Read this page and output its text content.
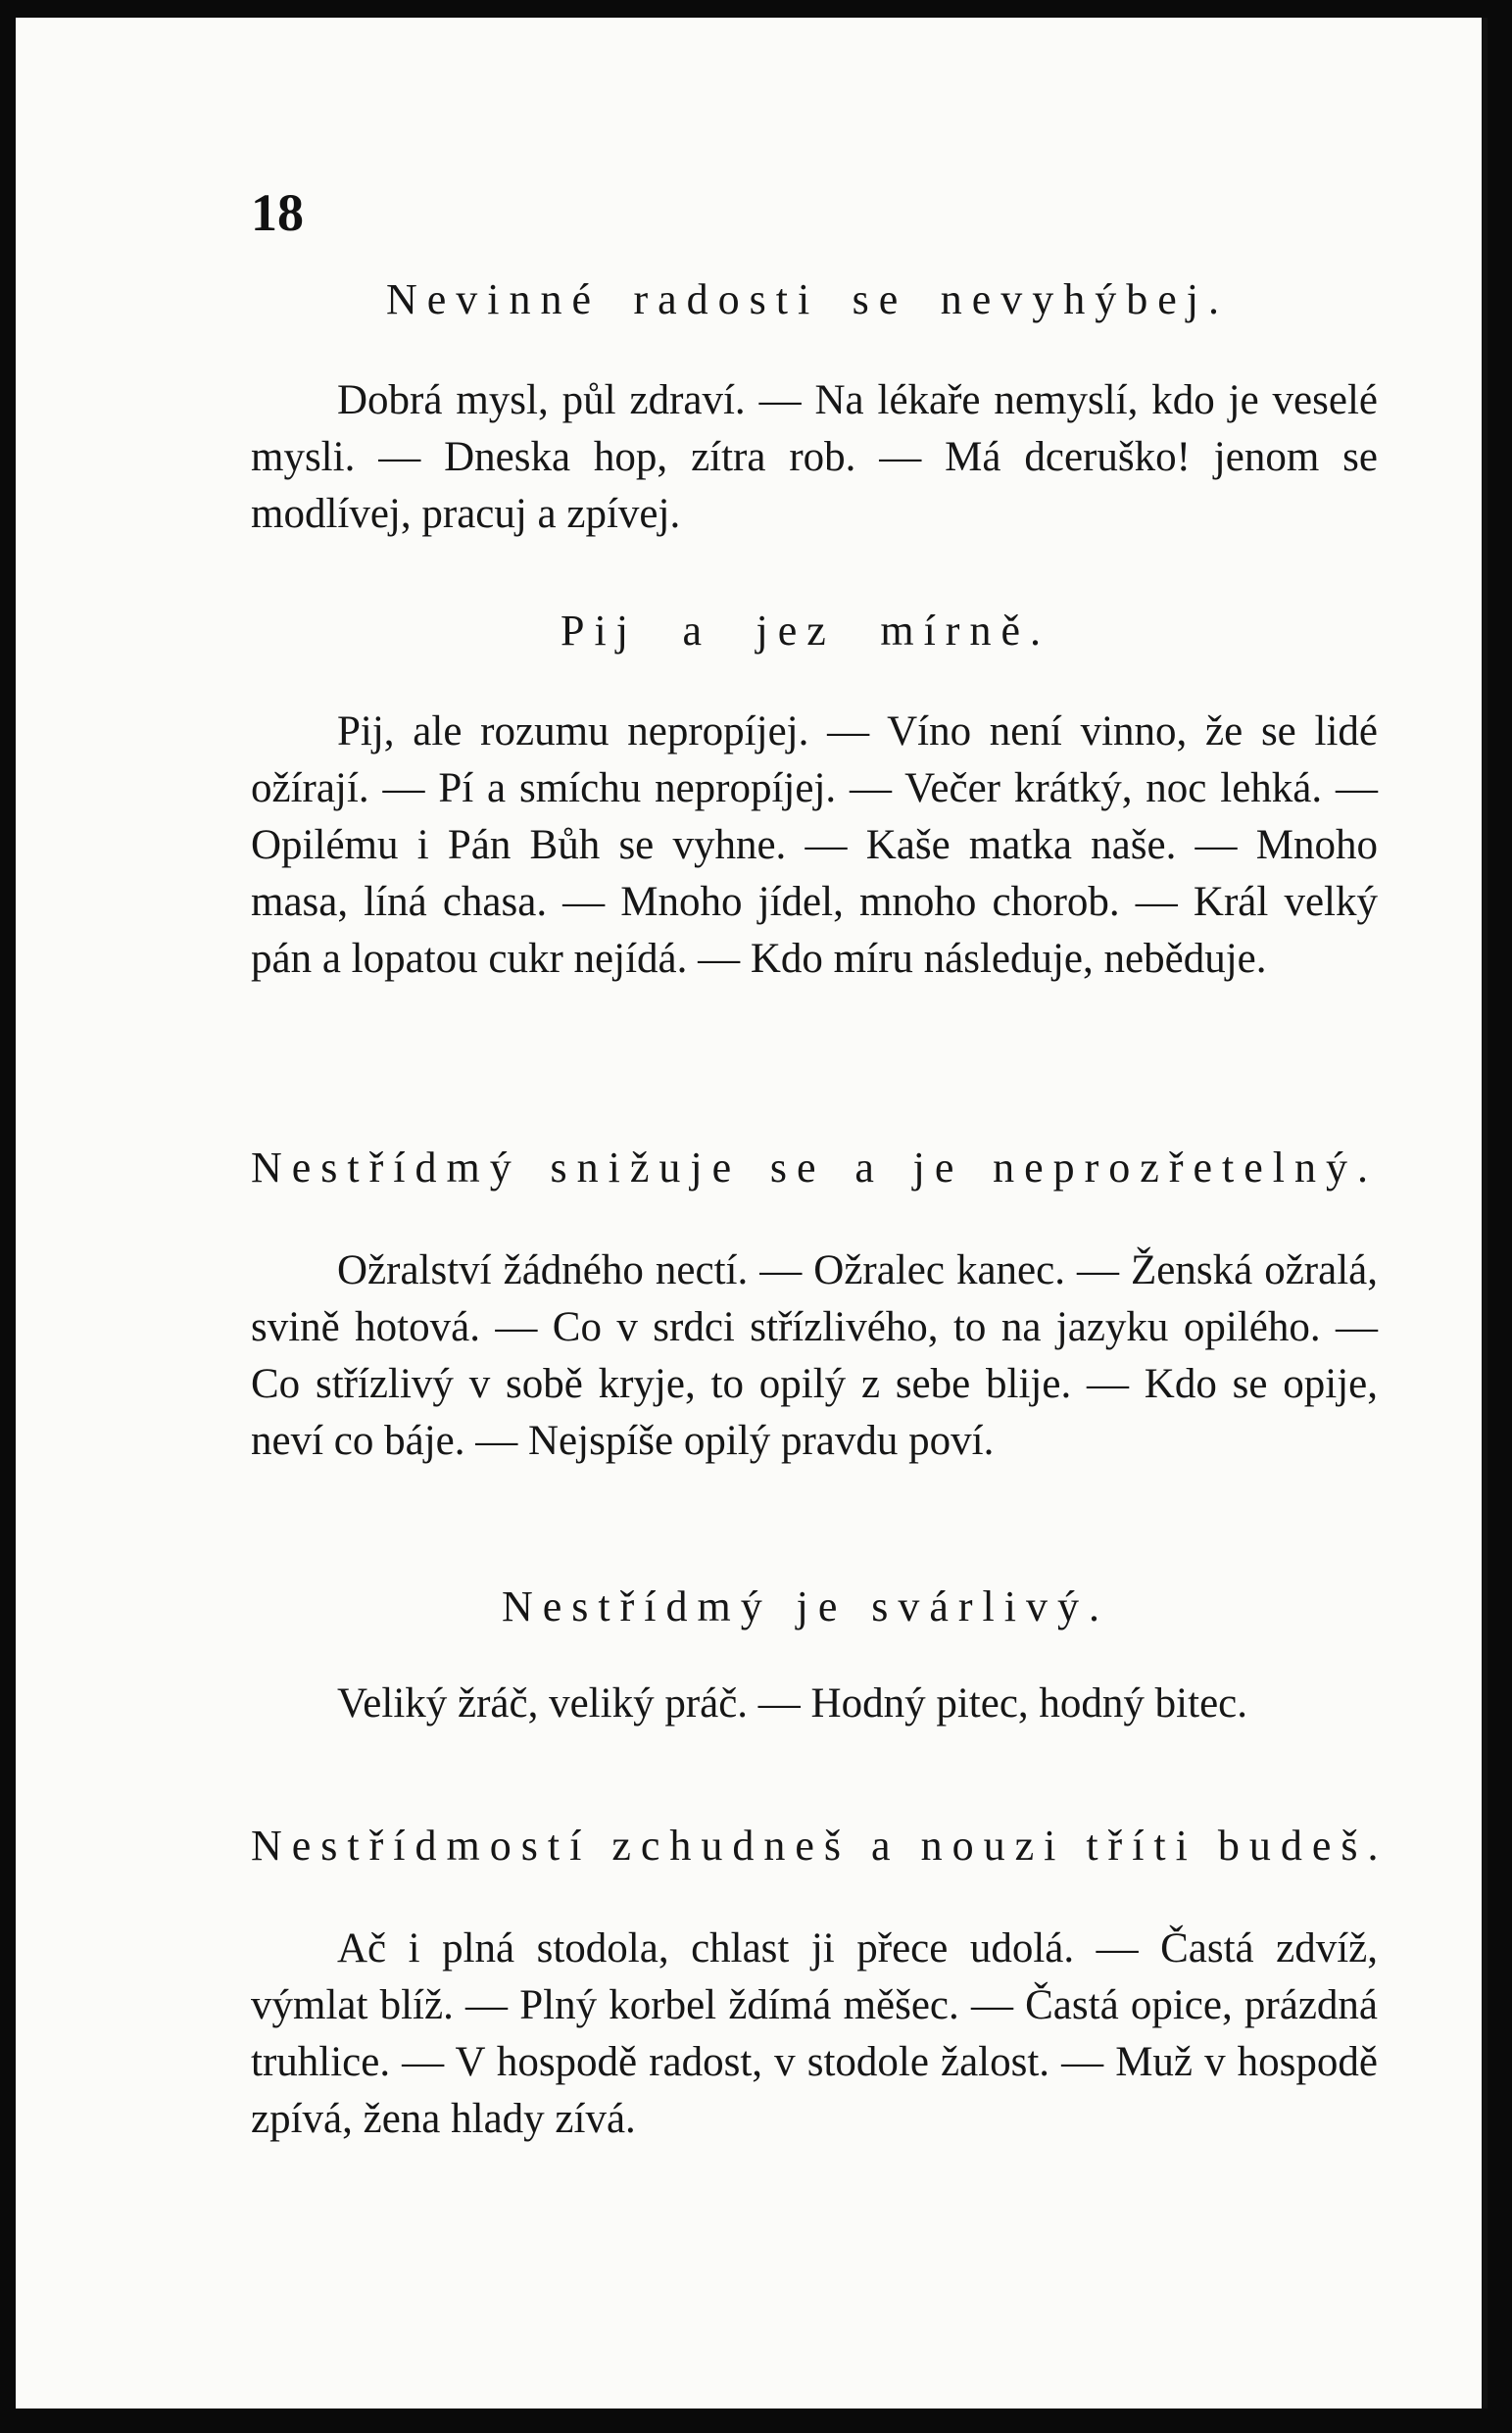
18
Nevinné radosti se nevyhýbej.
Dobrá mysl, půl zdraví. — Na lékaře nemyslí, kdo je veselé mysli. — Dneska hop, zítra rob. — Má dceruško! jenom se modlívej, pracuj a zpívej.
Pij a jez mírně.
Pij, ale rozumu nepropíjej. — Víno není vinno, že se lidé ožírají. — Pí a smíchu nepropíjej. — Večer krátký, noc lehká. — Opilému i Pán Bůh se vyhne. — Kaše matka naše. — Mnoho masa, líná chasa. — Mnoho jídel, mnoho chorob. — Král velký pán a lopatou cukr nejídá. — Kdo míru následuje, neběduje.
Nestřídmý snižuje se a je neprozřetelný.
Ožralství žádného nectí. — Ožralec kanec. — Ženská ožralá, svině hotová. — Co v srdci střízlivého, to na jazyku opilého. — Co střízlivý v sobě kryje, to opilý z sebe blije. — Kdo se opije, neví co báje. — Nejspíše opilý pravdu poví.
Nestřídmý je svárlivý.
Veliký žráč, veliký práč. — Hodný pitec, hodný bitec.
Nestřídmostí zchudneš a nouzi tříti budeš.
Ač i plná stodola, chlast ji přece udolá. — Častá zdvíž, výmlat blíž. — Plný korbel ždímá měšec. — Častá opice, prázdná truhlice. — V hospodě radost, v stodole žalost. — Muž v hospodě zpívá, žena hlady zívá.
